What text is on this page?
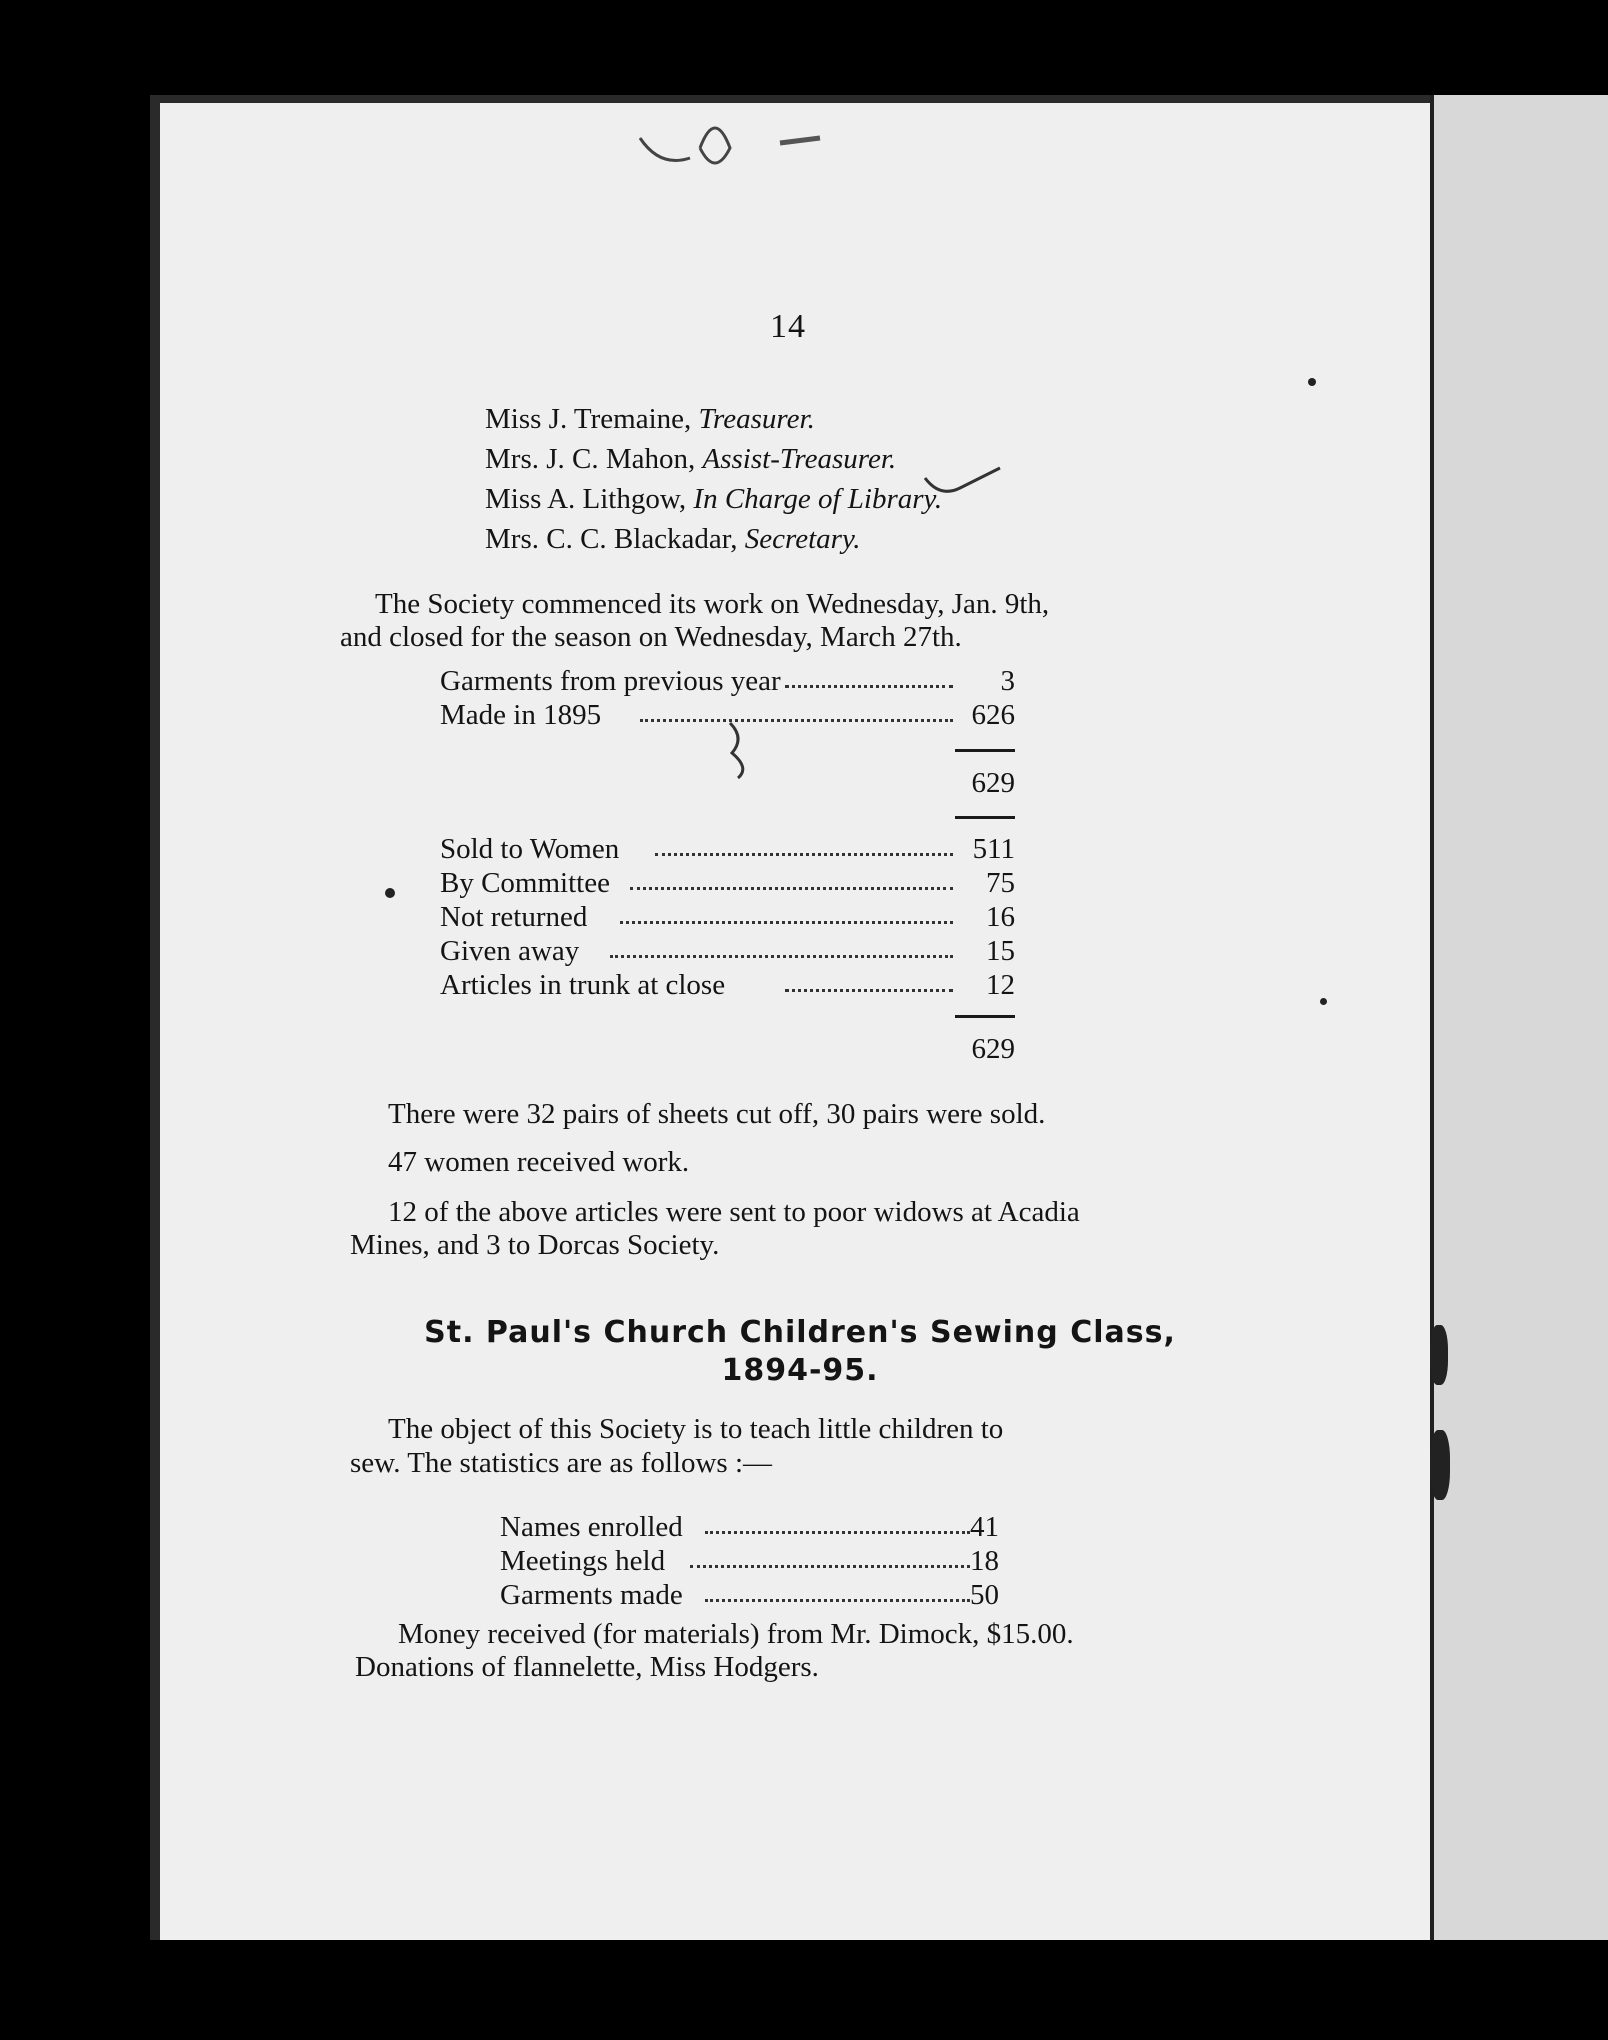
14
Miss J. Tremaine, Treasurer.
Mrs. J. C. Mahon, Assist-Treasurer.
Miss A. Lithgow, In Charge of Library.
Mrs. C. C. Blackadar, Secretary.
The Society commenced its work on Wednesday, Jan. 9th,
and closed for the season on Wednesday, March 27th.
Garments from previous year	3
Made in 1895	626
629
Sold to Women	511
By Committee	75
Not returned	16
Given away	15
Articles in trunk at close	12
629
There were 32 pairs of sheets cut off, 30 pairs were sold.
47 women received work.
12 of the above articles were sent to poor widows at Acadia
Mines, and 3 to Dorcas Society.
St. Paul's Church Children's Sewing Class,
1894-95.
The object of this Society is to teach little children to
sew. The statistics are as follows :—
Names enrolled	41
Meetings held	18
Garments made	50
Money received (for materials) from Mr. Dimock, $15.00.
Donations of flannelette, Miss Hodgers.
